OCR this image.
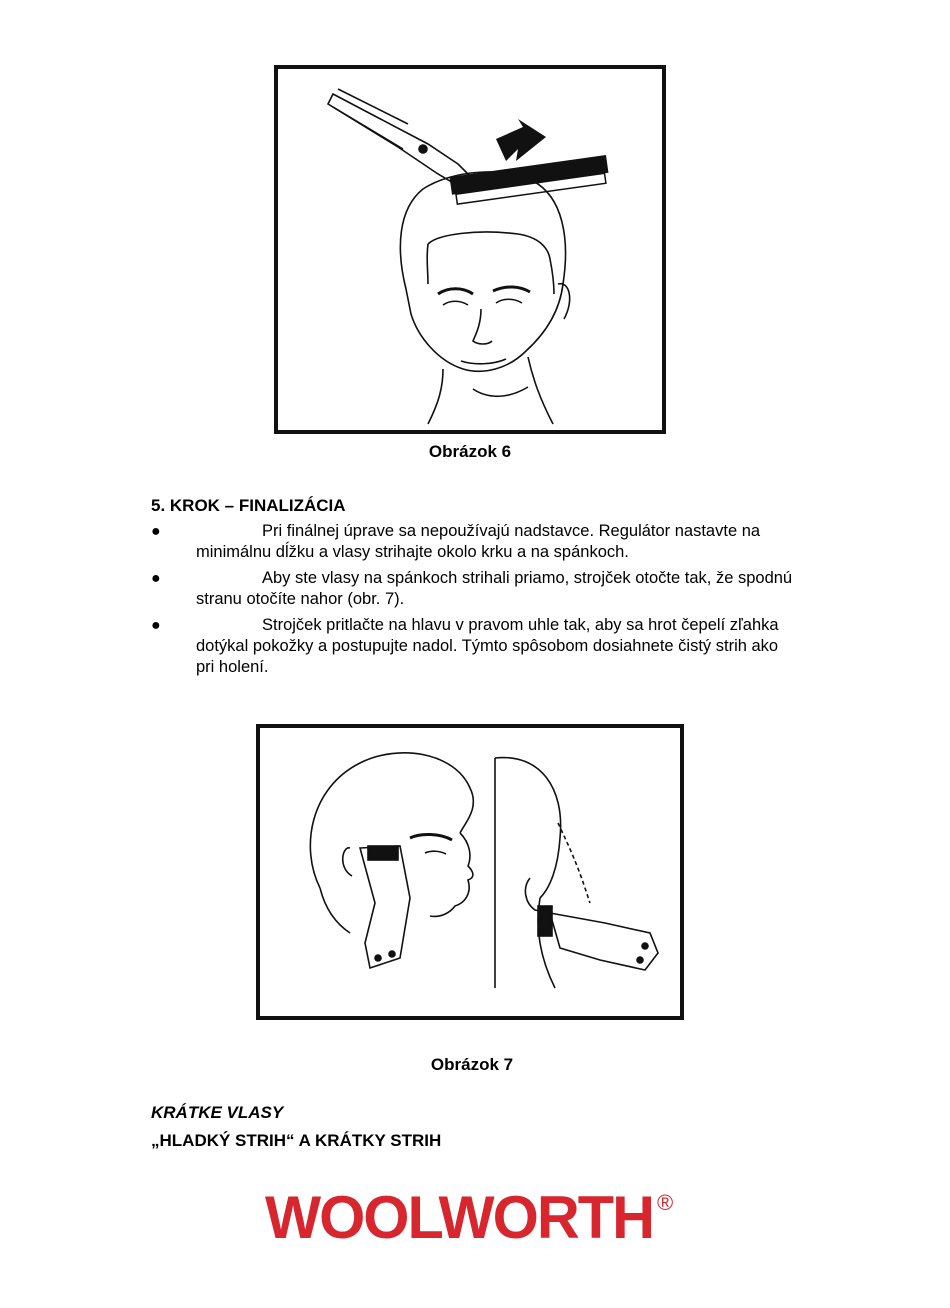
Obrázok 6
5. KROK – FINALIZÁCIA
●	Pri finálnej úprave sa nepoužívajú nadstavce. Regulátor nastavte na minimálnu dĺžku a vlasy strihajte okolo krku a na spánkoch.
●	Aby ste vlasy na spánkoch strihali priamo, strojček otočte tak, že spodnú stranu otočíte nahor (obr. 7).
●	Strojček pritlačte na hlavu v pravom uhle tak, aby sa hrot čepelí zľahka dotýkal pokožky a postupujte nadol. Týmto spôsobom dosiahnete čistý strih ako pri holení.
Obrázok 7
KRÁTKE VLASY
„HLADKÝ STRIH“ A KRÁTKY STRIH
WOOLWORTH ®
